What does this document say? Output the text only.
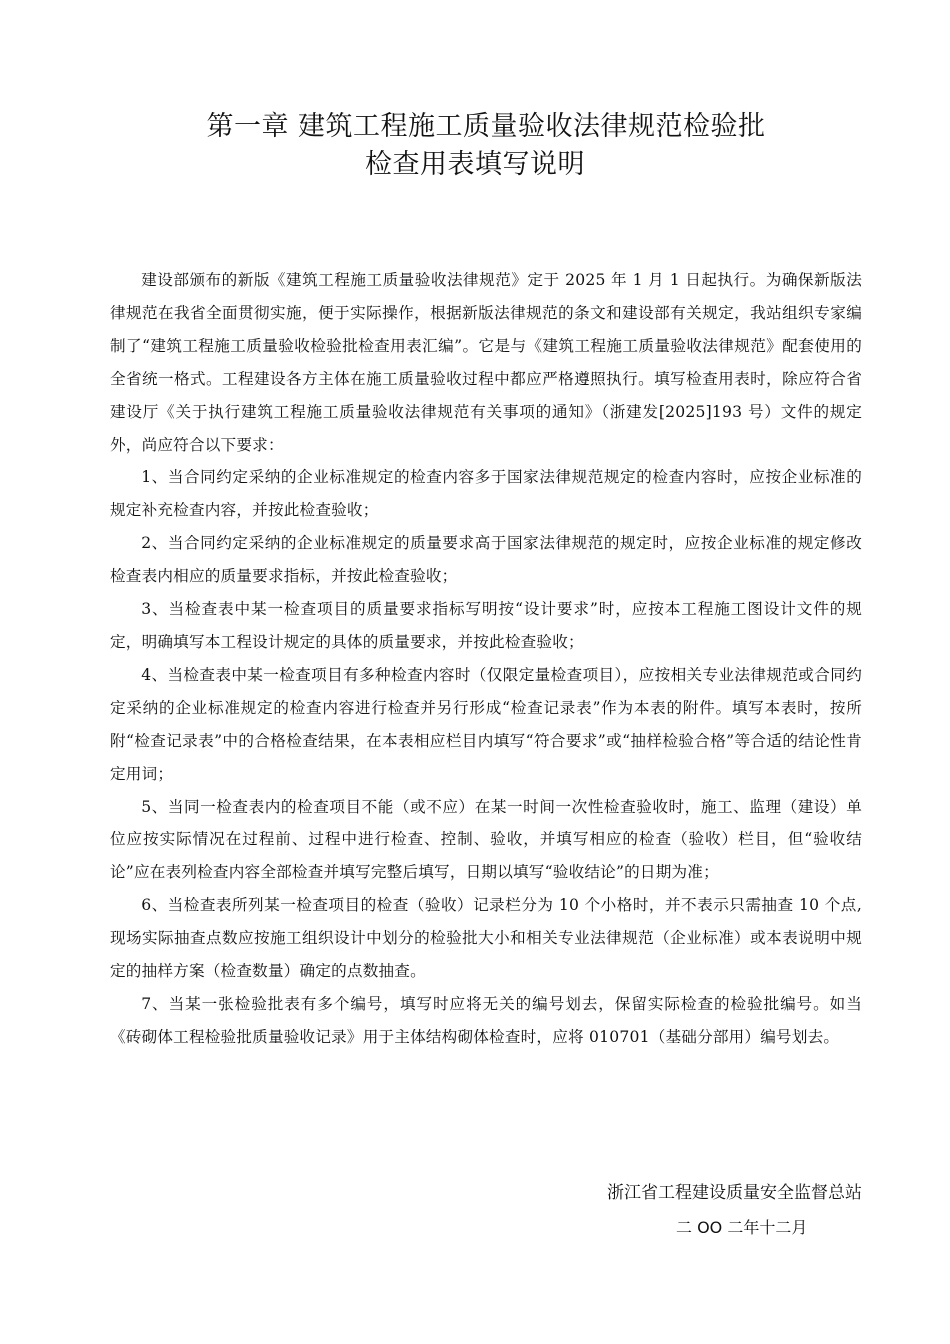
第一章 建筑工程施工质量验收法律规范检验批
检查用表填写说明

建设部颁布的新版《建筑工程施工质量验收法律规范》定于 2025 年 1 月 1 日起执行。为确保新版法律规范在我省全面贯彻实施，便于实际操作，根据新版法律规范的条文和建设部有关规定，我站组织专家编制了“建筑工程施工质量验收检验批检查用表汇编”。它是与《建筑工程施工质量验收法律规范》配套使用的全省统一格式。工程建设各方主体在施工质量验收过程中都应严格遵照执行。填写检查用表时，除应符合省建设厅《关于执行建筑工程施工质量验收法律规范有关事项的通知》（浙建发[2025]193 号）文件的规定外，尚应符合以下要求：

1、当合同约定采纳的企业标准规定的检查内容多于国家法律规范规定的检查内容时，应按企业标准的规定补充检查内容，并按此检查验收；

2、当合同约定采纳的企业标准规定的质量要求高于国家法律规范的规定时，应按企业标准的规定修改检查表内相应的质量要求指标，并按此检查验收；

3、当检查表中某一检查项目的质量要求指标写明按“设计要求”时，应按本工程施工图设计文件的规定，明确填写本工程设计规定的具体的质量要求，并按此检查验收；

4、当检查表中某一检查项目有多种检查内容时（仅限定量检查项目），应按相关专业法律规范或合同约定采纳的企业标准规定的检查内容进行检查并另行形成“检查记录表”作为本表的附件。填写本表时，按所附“检查记录表”中的合格检查结果，在本表相应栏目内填写“符合要求”或“抽样检验合格”等合适的结论性肯定用词；

5、当同一检查表内的检查项目不能（或不应）在某一时间一次性检查验收时，施工、监理（建设）单位应按实际情况在过程前、过程中进行检查、控制、验收，并填写相应的检查（验收）栏目，但“验收结论”应在表列检查内容全部检查并填写完整后填写，日期以填写“验收结论”的日期为准；

6、当检查表所列某一检查项目的检查（验收）记录栏分为 10 个小格时，并不表示只需抽查 10 个点,现场实际抽查点数应按施工组织设计中划分的检验批大小和相关专业法律规范（企业标准）或本表说明中规定的抽样方案（检查数量）确定的点数抽查。

7、当某一张检验批表有多个编号，填写时应将无关的编号划去，保留实际检查的检验批编号。如当《砖砌体工程检验批质量验收记录》用于主体结构砌体检查时，应将 010701（基础分部用）编号划去。

浙江省工程建设质量安全监督总站
二 OO 二年十二月
